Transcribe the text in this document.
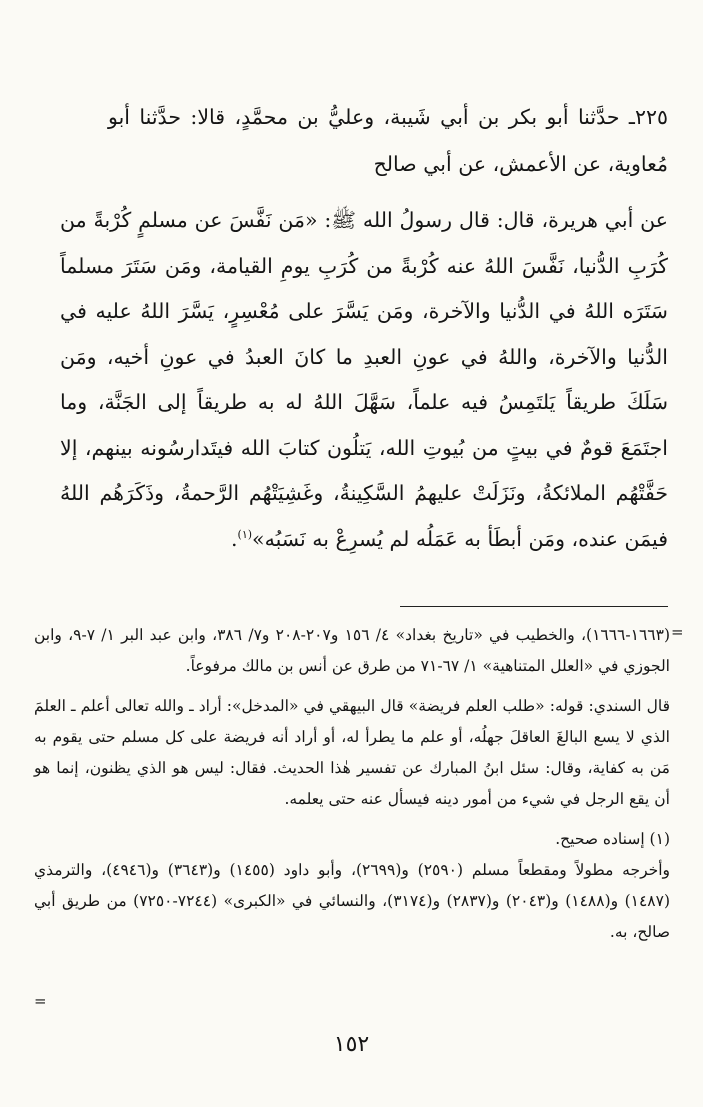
٢٢٥ـ حدَّثنا أبو بكر بن أبي شَيبة، وعليُّ بن محمَّدٍ، قالا: حدَّثنا أبو مُعاوية، عن الأعمش، عن أبي صالح

عن أبي هريرة، قال: قال رسولُ الله ﷺ: «مَن نَفَّسَ عن مسلمٍ كُرْبةً من كُرَبِ الدُّنيا، نَفَّسَ اللهُ عنه كُرْبةً من كُرَبِ يومِ القيامة، ومَن سَتَرَ مسلماً سَتَرَه اللهُ في الدُّنيا والآخرة، ومَن يَسَّرَ على مُعْسِرٍ، يَسَّرَ اللهُ عليه في الدُّنيا والآخرة، واللهُ في عونِ العبدِ ما كانَ العبدُ في عونِ أخيه، ومَن سَلَكَ طريقاً يَلتَمِسُ فيه علماً، سَهَّلَ اللهُ له به طريقاً إلى الجَنَّة، وما اجتَمَعَ قومٌ في بيتٍ من بُيوتِ الله، يَتلُون كتابَ الله فيتَدارسُونه بينهم، إلا حَفَّتْهُم الملائكةُ، ونَزَلَتْ عليهمُ السَّكِينةُ، وغَشِيَتْهُم الرَّحمةُ، وذَكَرَهُم اللهُ فيمَن عنده، ومَن أبطَأ به عَمَلُه لم يُسرِعْ به نَسَبُه»$^{(١)}$.

=

(١٦٦٣-١٦٦٦)، والخطيب في «تاريخ بغداد» ٤/ ١٥٦ و٢٠٧-٢٠٨ و٧/ ٣٨٦، وابن عبد البر ١/ ٧-٩، وابن الجوزي في «العلل المتناهية» ١/ ٦٧-٧١ من طرق عن أنس بن مالك مرفوعاً.

قال السندي: قوله: «طلب العلم فريضة» قال البيهقي في «المدخل»: أراد ـ والله تعالى أعلم ـ العلمَ الذي لا يسع البالغَ العاقلَ جهلُه، أو علم ما يطرأ له، أو أراد أنه فريضة على كل مسلم حتى يقوم به مَن به كفاية، وقال: سئل ابنُ المبارك عن تفسير هٰذا الحديث. فقال: ليس هو الذي يظنون، إنما هو أن يقع الرجل في شيء من أمور دينه فيسأل عنه حتى يعلمه.

(١) إسناده صحيح.

وأخرجه مطولاً ومقطعاً مسلم (٢٥٩٠) و(٢٦٩٩)، وأبو داود (١٤٥٥) و(٣٦٤٣) و(٤٩٤٦)، والترمذي (١٤٨٧) و(١٤٨٨) و(٢٠٤٣) و(٢٨٣٧) و(٣١٧٤)، والنسائي في «الكبرى» (٧٢٤٤-٧٢٥٠) من طريق أبي صالح، به.

=
١٥٢
